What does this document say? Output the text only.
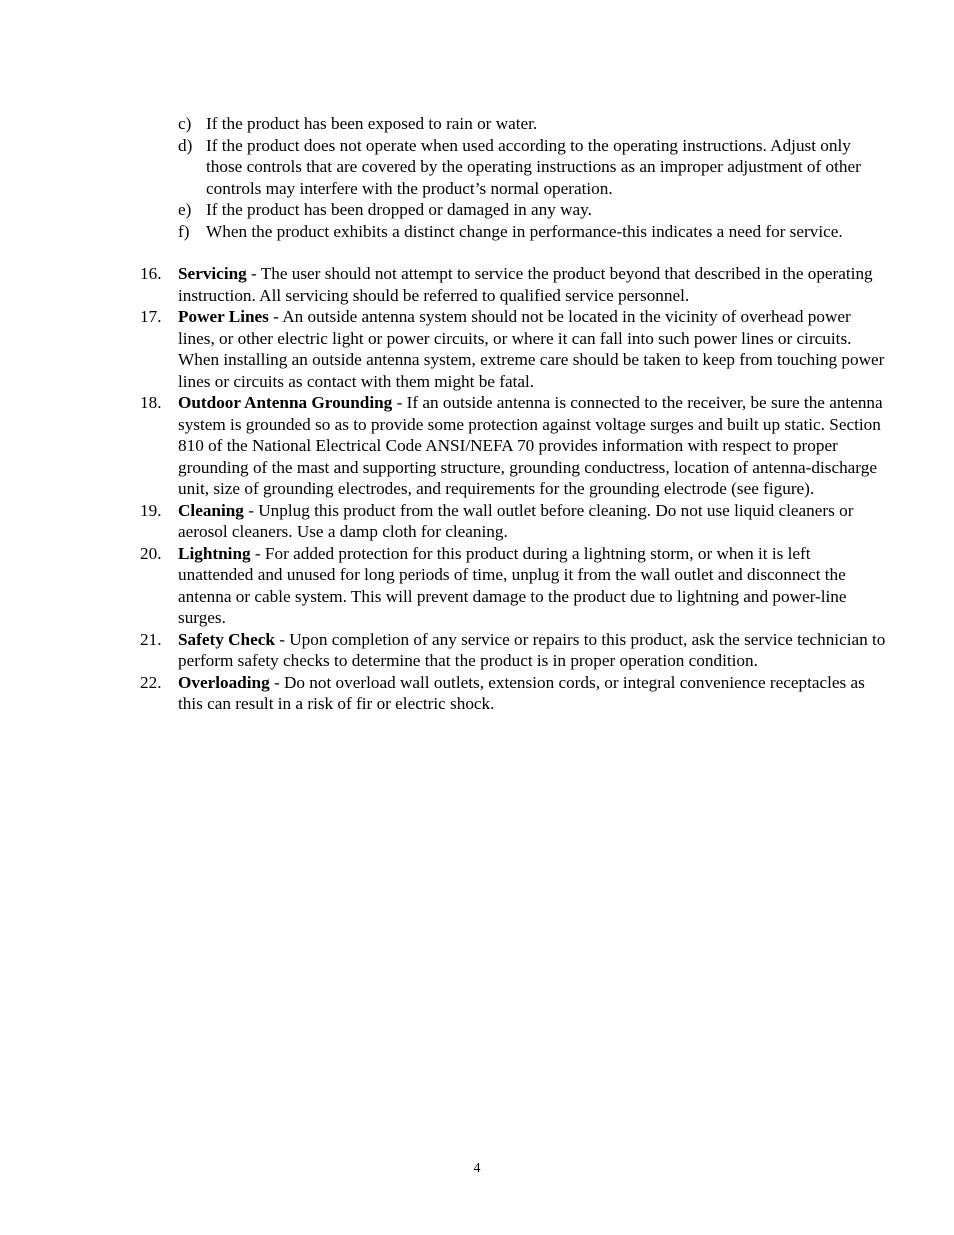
c) If the product has been exposed to rain or water.
d) If the product does not operate when used according to the operating instructions. Adjust only those controls that are covered by the operating instructions as an improper adjustment of other controls may interfere with the product’s normal operation.
e) If the product has been dropped or damaged in any way.
f) When the product exhibits a distinct change in performance-this indicates a need for service.
16. Servicing - The user should not attempt to service the product beyond that described in the operating instruction. All servicing should be referred to qualified service personnel.
17. Power Lines - An outside antenna system should not be located in the vicinity of overhead power lines, or other electric light or power circuits, or where it can fall into such power lines or circuits. When installing an outside antenna system, extreme care should be taken to keep from touching power lines or circuits as contact with them might be fatal.
18. Outdoor Antenna Grounding - If an outside antenna is connected to the receiver, be sure the antenna system is grounded so as to provide some protection against voltage surges and built up static. Section 810 of the National Electrical Code ANSI/NEFA 70 provides information with respect to proper grounding of the mast and supporting structure, grounding conductress, location of antenna-discharge unit, size of grounding electrodes, and requirements for the grounding electrode (see figure).
19. Cleaning - Unplug this product from the wall outlet before cleaning. Do not use liquid cleaners or aerosol cleaners. Use a damp cloth for cleaning.
20. Lightning - For added protection for this product during a lightning storm, or when it is left unattended and unused for long periods of time, unplug it from the wall outlet and disconnect the antenna or cable system. This will prevent damage to the product due to lightning and power-line surges.
21. Safety Check - Upon completion of any service or repairs to this product, ask the service technician to perform safety checks to determine that the product is in proper operation condition.
22. Overloading - Do not overload wall outlets, extension cords, or integral convenience receptacles as this can result in a risk of fir or electric shock.
4
